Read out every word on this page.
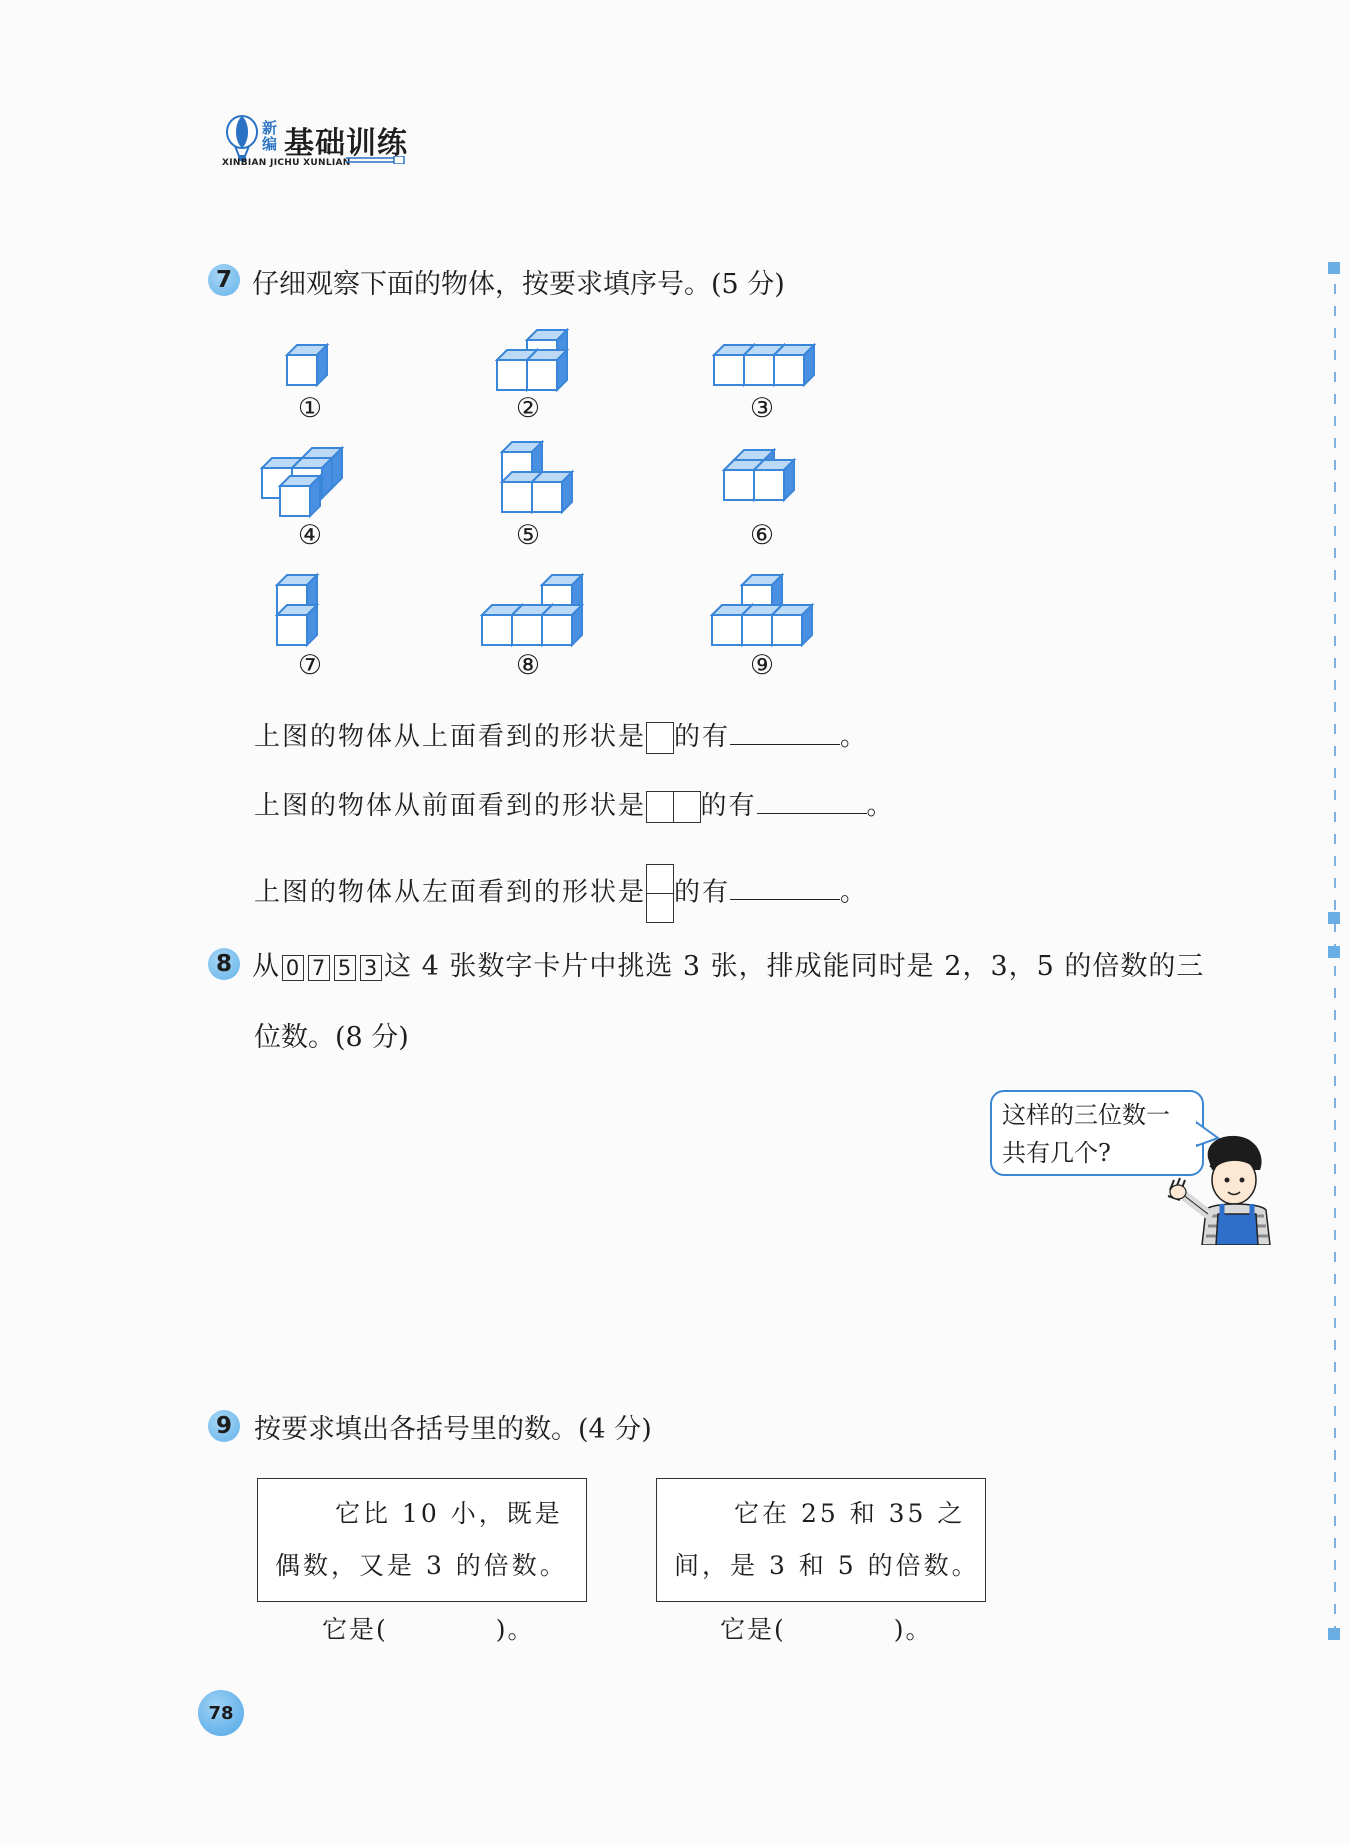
新
编 基础训练
XINBIAN JICHU XUNLIAN
7 仔细观察下面的物体，按要求填序号。(5 分)
①	②	③
④	⑤	⑥
⑦	⑧	⑨
上图的物体从上面看到的形状是 的有	。
上图的物体从前面看到的形状是 的有	。
上图的物体从左面看到的形状是 的有	。
8 从 0 7 5 3 这 4 张数字卡片中挑选 3 张，排成能同时是 2，3，5 的倍数的三
位数。(8 分)
这样的三位数一
共有几个?
9 按要求填出各括号里的数。(4 分)
它比 10 小，既是
偶数，又是 3 的倍数。
它是(　　　　)。
它在 25 和 35 之
间，是 3 和 5 的倍数。
它是(　　　　)。
78
